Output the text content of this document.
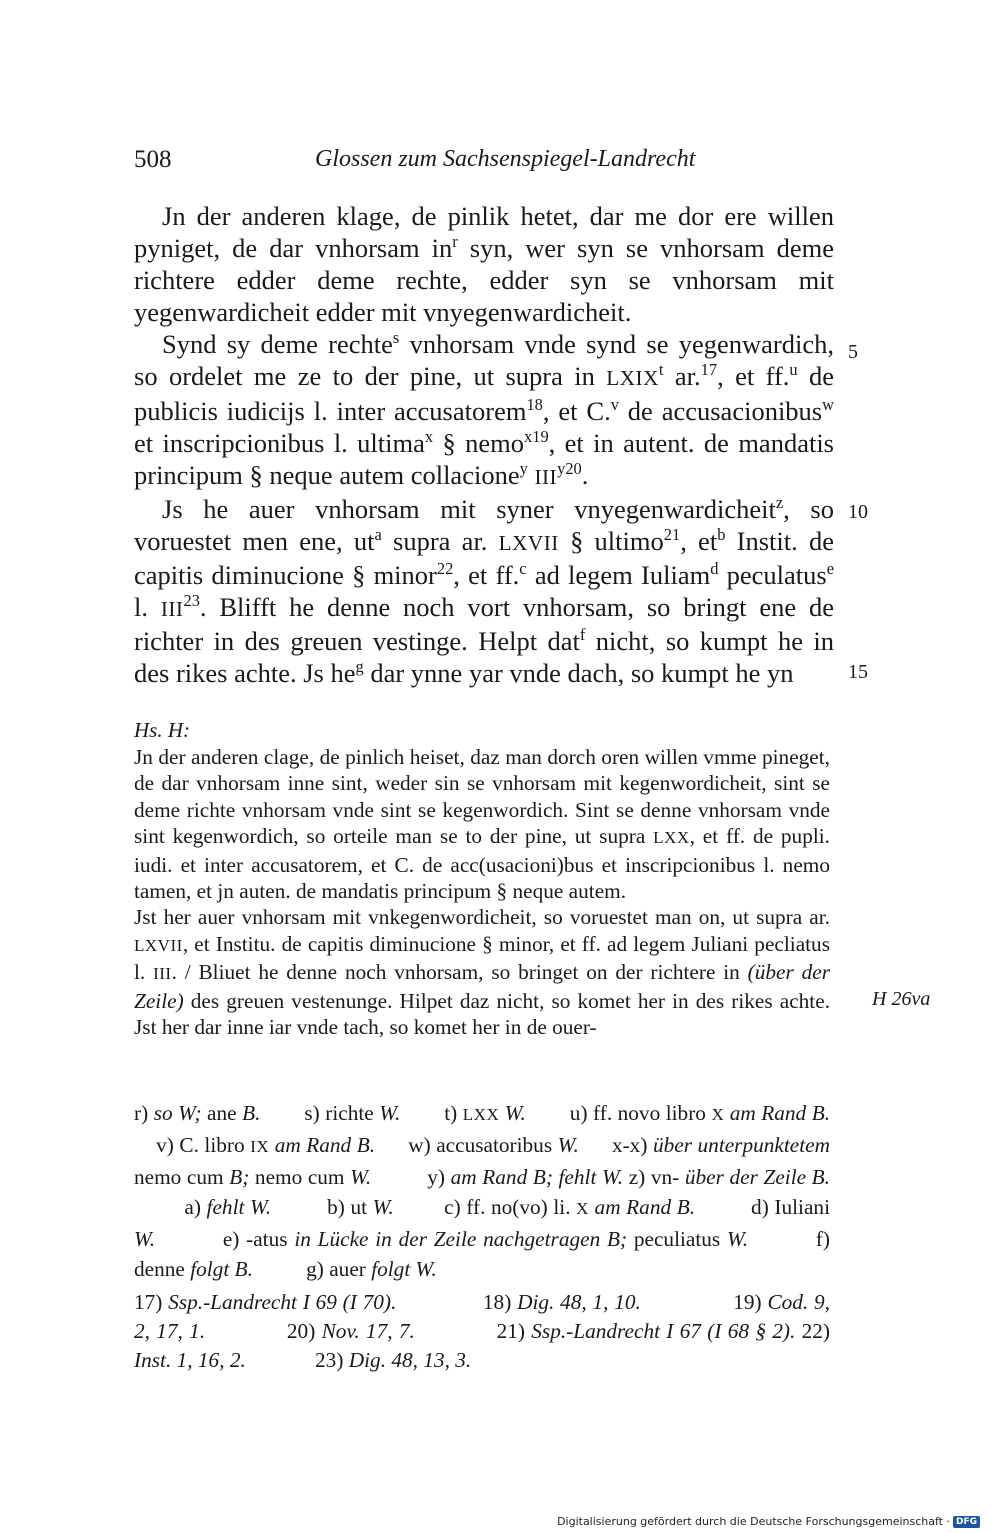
508	Glossen zum Sachsenspiegel-Landrecht

Jn der anderen klage, de pinlik hetet, dar me dor ere willen pyniget, de dar vnhorsam $in^r$ syn, wer syn se vnhorsam deme richtere edder deme rechte, edder syn se vnhorsam mit yegenwardicheit edder mit vnyegenwardicheit.

Synd sy deme rechte$^s$ vnhorsam vnde synd se yegenwardich, so ordelet me ze to der pine, ut supra in LXIX$^t$ ar.$^{17}$, et ff.$^u$ de publicis iudicijs l. inter accusatorem$^{18}$, et C.$^v$ de accusacionibus$^w$ et inscripcionibus l. ultima$^x$ § nemo$^{x19}$, et in autent. de mandatis principum § neque autem collacione$^y$ $III^{y20}$.

Js he auer vnhorsam mit syner vnyegenwardicheit$^z$, so voruestet men ene, $ut^a$ supra ar. LXVII § ultimo$^{21}$, $et^b$ Instit. de capitis diminucione § minor$^{22}$, et ff.$^c$ ad legem Iuliam$^d$ peculatus$^e$ l. III$^{23}$. Blifft he denne noch vort vnhorsam, so bringt ene de richter in des greuen vestinge. Helpt dat$^f$ nicht, so kumpt he in des rikes achte. Js $he^g$ dar ynne yar vnde dach, so kumpt he yn

5
10
15

Hs. H:

Jn der anderen clage, de pinlich heiset, daz man dorch oren willen vmme pineget, de dar vnhorsam inne sint, weder sin se vnhorsam mit kegenwordicheit, sint se deme richte vnhorsam vnde sint se kegenwordich. Sint se denne vnhorsam vnde sint kegenwordich, so orteile man se to der pine, ut supra LXX, et ff. de pupli. iudi. et inter accusatorem, et C. de acc(usacioni)bus et inscripcionibus l. nemo tamen, et jn auten. de mandatis principum § neque autem.

Jst her auer vnhorsam mit vnkegenwordicheit, so voruestet man on, ut supra ar. LXVII, et Institu. de capitis diminucione § minor, et ff. ad legem Juliani pecliatus l. III. / Bliuet he denne noch vnhorsam, so bringet on der richtere in (über der Zeile) des greuen vestenunge. Hilpet daz nicht, so komet her in des rikes achte. Jst her dar inne iar vnde tach, so komet her in de ouer-

H 26va

r) so W; ane B.        s) richte W.        t) LXX W.        u) ff. novo libro X am Rand B.     v) C. libro IX am Rand B.      w) accusatoribus W.      x-x) über unterpunktetem nemo cum B; nemo cum W.          y) am Rand B; fehlt W. z) vn- über der Zeile B.          a) fehlt W.          b) ut W.         c) ff. no(vo) li. X am Rand B.          d) Iuliani W.          e) -atus in Lücke in der Zeile nachgetragen B; peculiatus W.          f) denne folgt B.          g) auer folgt W.

17) Ssp.-Landrecht I 69 (I 70).               18) Dig. 48, 1, 10.                19) Cod. 9, 2, 17, 1.             20) Nov. 17, 7.             21) Ssp.-Landrecht I 67 (I 68 § 2). 22) Inst. 1, 16, 2.             23) Dig. 48, 13, 3.

Digitalisierung gefördert durch die Deutsche Forschungsgemeinschaft · DFG
